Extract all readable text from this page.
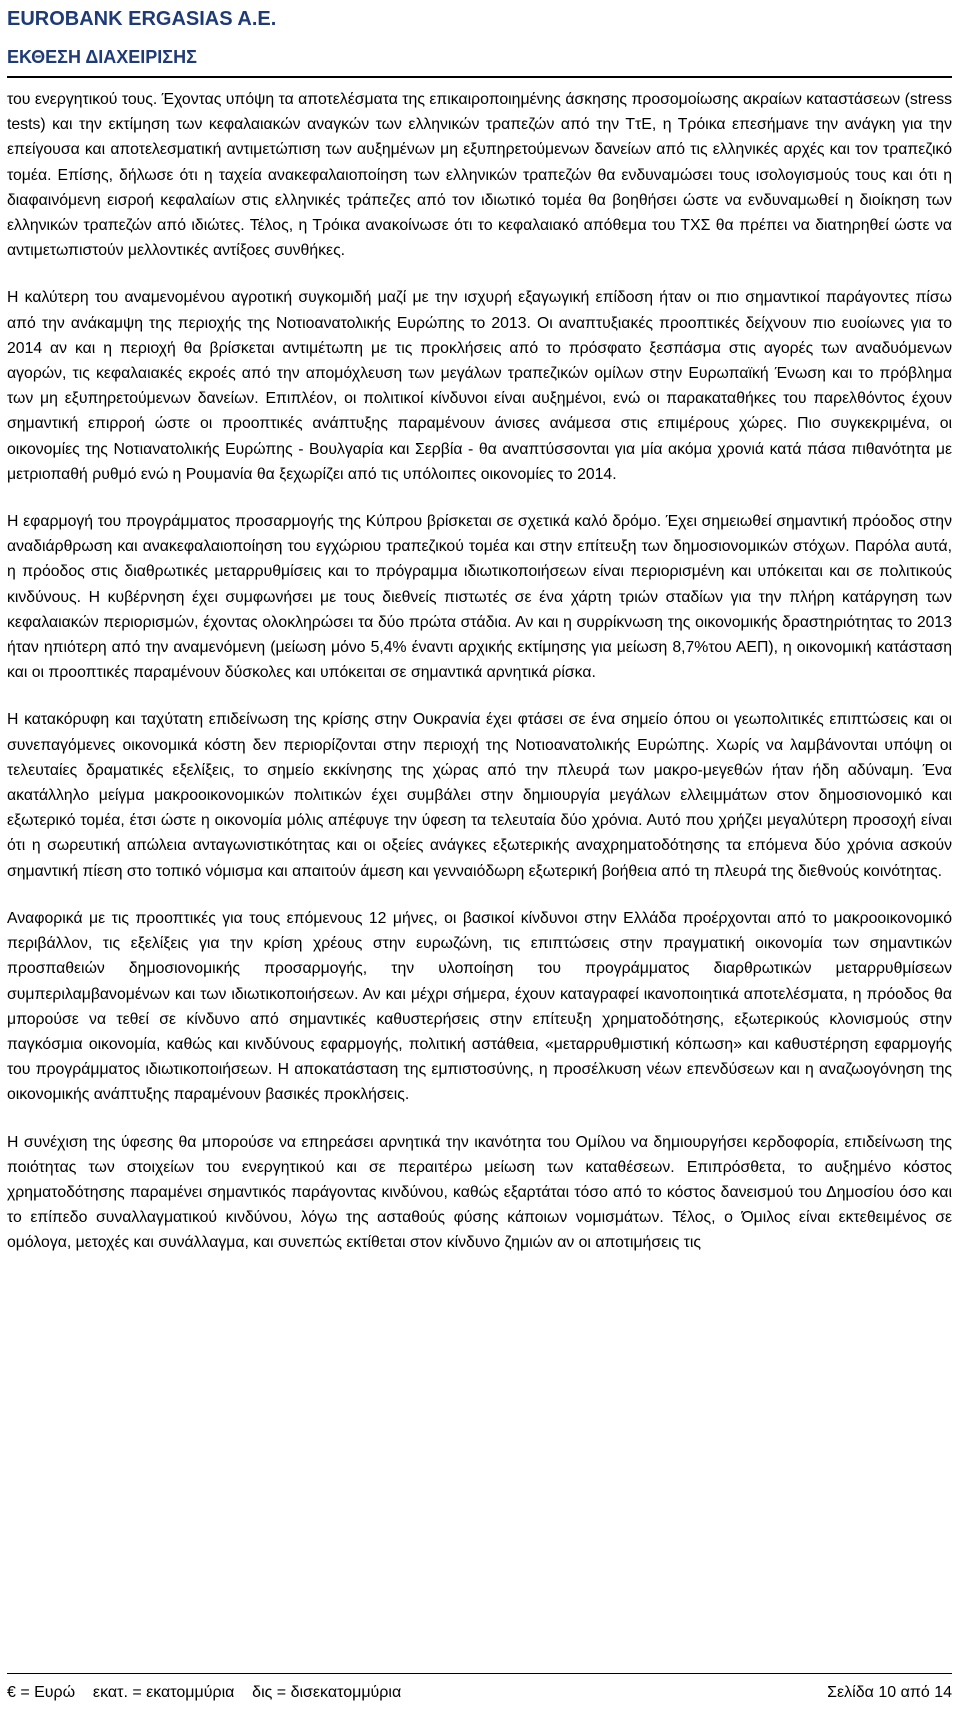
EUROBANK ERGASIAS A.E.
ΕΚΘΕΣΗ ΔΙΑΧΕΙΡΙΣΗΣ

του ενεργητικού τους. Έχοντας υπόψη τα αποτελέσματα της επικαιροποιημένης άσκησης προσομοίωσης ακραίων καταστάσεων (stress tests) και την εκτίμηση των κεφαλαιακών αναγκών των ελληνικών τραπεζών από την ΤτΕ, η Τρόικα επεσήμανε την ανάγκη για την επείγουσα και αποτελεσματική αντιμετώπιση των αυξημένων μη εξυπηρετούμενων δανείων από τις ελληνικές αρχές και τον τραπεζικό τομέα. Επίσης, δήλωσε ότι η ταχεία ανακεφαλαιοποίηση των ελληνικών τραπεζών θα ενδυναμώσει τους ισολογισμούς τους και ότι η διαφαινόμενη εισροή κεφαλαίων στις ελληνικές τράπεζες από τον ιδιωτικό τομέα θα βοηθήσει ώστε να ενδυναμωθεί η διοίκηση των ελληνικών τραπεζών από ιδιώτες. Τέλος, η Τρόικα ανακοίνωσε ότι το κεφαλαιακό απόθεμα του ΤΧΣ θα πρέπει να διατηρηθεί ώστε να αντιμετωπιστούν μελλοντικές αντίξοες συνθήκες.

Η καλύτερη του αναμενομένου αγροτική συγκομιδή μαζί με την ισχυρή εξαγωγική επίδοση ήταν οι πιο σημαντικοί παράγοντες πίσω από την ανάκαμψη της περιοχής της Νοτιοανατολικής Ευρώπης το 2013. Οι αναπτυξιακές προοπτικές δείχνουν πιο ευοίωνες για το 2014 αν και η περιοχή θα βρίσκεται αντιμέτωπη με τις προκλήσεις από το πρόσφατο ξεσπάσμα στις αγορές των αναδυόμενων αγορών, τις κεφαλαιακές εκροές από την απομόχλευση των μεγάλων τραπεζικών ομίλων στην Ευρωπαϊκή Ένωση και το πρόβλημα των μη εξυπηρετούμενων δανείων. Επιπλέον, οι πολιτικοί κίνδυνοι είναι αυξημένοι, ενώ οι παρακαταθήκες του παρελθόντος έχουν σημαντική επιρροή ώστε οι προοπτικές ανάπτυξης παραμένουν άνισες ανάμεσα στις επιμέρους χώρες. Πιο συγκεκριμένα, οι οικονομίες της Νοτιανατολικής Ευρώπης - Βουλγαρία και Σερβία - θα αναπτύσσονται για μία ακόμα χρονιά κατά πάσα πιθανότητα με μετριοπαθή ρυθμό ενώ η Ρουμανία θα ξεχωρίζει από τις υπόλοιπες οικονομίες το 2014.

Η εφαρμογή του προγράμματος προσαρμογής της Κύπρου βρίσκεται σε σχετικά καλό δρόμο. Έχει σημειωθεί σημαντική πρόοδος στην αναδιάρθρωση και ανακεφαλαιοποίηση του εγχώριου τραπεζικού τομέα και στην επίτευξη των δημοσιονομικών στόχων. Παρόλα αυτά, η πρόοδος στις διαθρωτικές μεταρρυθμίσεις και το πρόγραμμα ιδιωτικοποιήσεων είναι περιορισμένη και υπόκειται και σε πολιτικούς κινδύνους. Η κυβέρνηση έχει συμφωνήσει με τους διεθνείς πιστωτές σε ένα χάρτη τριών σταδίων για την πλήρη κατάργηση των κεφαλαιακών περιορισμών, έχοντας ολοκληρώσει τα δύο πρώτα στάδια. Αν και η συρρίκνωση της οικονομικής δραστηριότητας το 2013 ήταν ηπιότερη από την αναμενόμενη (μείωση μόνο 5,4% έναντι αρχικής εκτίμησης για μείωση 8,7%του ΑΕΠ), η οικονομική κατάσταση και οι προοπτικές παραμένουν δύσκολες και υπόκειται σε σημαντικά αρνητικά ρίσκα.

Η κατακόρυφη και ταχύτατη επιδείνωση της κρίσης στην Ουκρανία έχει φτάσει σε ένα σημείο όπου οι γεωπολιτικές επιπτώσεις και οι συνεπαγόμενες οικονομικά κόστη δεν περιορίζονται στην περιοχή της Νοτιοανατολικής Ευρώπης. Χωρίς να λαμβάνονται υπόψη οι τελευταίες δραματικές εξελίξεις, το σημείο εκκίνησης της χώρας από την πλευρά των μακρο-μεγεθών ήταν ήδη αδύναμη. Ένα ακατάλληλο μείγμα μακροοικονομικών πολιτικών έχει συμβάλει στην δημιουργία μεγάλων ελλειμμάτων στον δημοσιονομικό και εξωτερικό τομέα, έτσι ώστε η οικονομία μόλις απέφυγε την ύφεση τα τελευταία δύο χρόνια. Αυτό που χρήζει μεγαλύτερη προσοχή είναι ότι η σωρευτική απώλεια ανταγωνιστικότητας και οι οξείες ανάγκες εξωτερικής αναχρηματοδότησης τα επόμενα δύο χρόνια ασκούν σημαντική πίεση στο τοπικό νόμισμα και απαιτούν άμεση και γενναιόδωρη εξωτερική βοήθεια από τη πλευρά της διεθνούς κοινότητας.

Αναφορικά με τις προοπτικές για τους επόμενους 12 μήνες, οι βασικοί κίνδυνοι στην Ελλάδα προέρχονται από το μακροοικονομικό περιβάλλον, τις εξελίξεις για την κρίση χρέους στην ευρωζώνη, τις επιπτώσεις στην πραγματική οικονομία των σημαντικών προσπαθειών δημοσιονομικής προσαρμογής, την υλοποίηση του προγράμματος διαρθρωτικών μεταρρυθμίσεων συμπεριλαμβανομένων και των ιδιωτικοποιήσεων. Αν και μέχρι σήμερα, έχουν καταγραφεί ικανοποιητικά αποτελέσματα, η πρόοδος θα μπορούσε να τεθεί σε κίνδυνο από σημαντικές καθυστερήσεις στην επίτευξη χρηματοδότησης, εξωτερικούς κλονισμούς στην παγκόσμια οικονομία, καθώς και κινδύνους εφαρμογής, πολιτική αστάθεια, «μεταρρυθμιστική κόπωση» και καθυστέρηση εφαρμογής του προγράμματος ιδιωτικοποιήσεων. Η αποκατάσταση της εμπιστοσύνης, η προσέλκυση νέων επενδύσεων και η αναζωογόνηση της οικονομικής ανάπτυξης παραμένουν βασικές προκλήσεις.

Η συνέχιση της ύφεσης θα μπορούσε να επηρεάσει αρνητικά την ικανότητα του Ομίλου να δημιουργήσει κερδοφορία, επιδείνωση της ποιότητας των στοιχείων του ενεργητικού και σε περαιτέρω μείωση των καταθέσεων. Επιπρόσθετα, το αυξημένο κόστος χρηματοδότησης παραμένει σημαντικός παράγοντας κινδύνου, καθώς εξαρτάται τόσο από το κόστος δανεισμού του Δημοσίου όσο και το επίπεδο συναλλαγματικού κινδύνου, λόγω της ασταθούς φύσης κάποιων νομισμάτων. Τέλος, ο Όμιλος είναι εκτεθειμένος σε ομόλογα, μετοχές και συνάλλαγμα, και συνεπώς εκτίθεται στον κίνδυνο ζημιών αν οι αποτιμήσεις τις

€ = Ευρώ    εκατ. = εκατομμύρια    δις = δισεκατομμύρια	Σελίδα 10 από 14
